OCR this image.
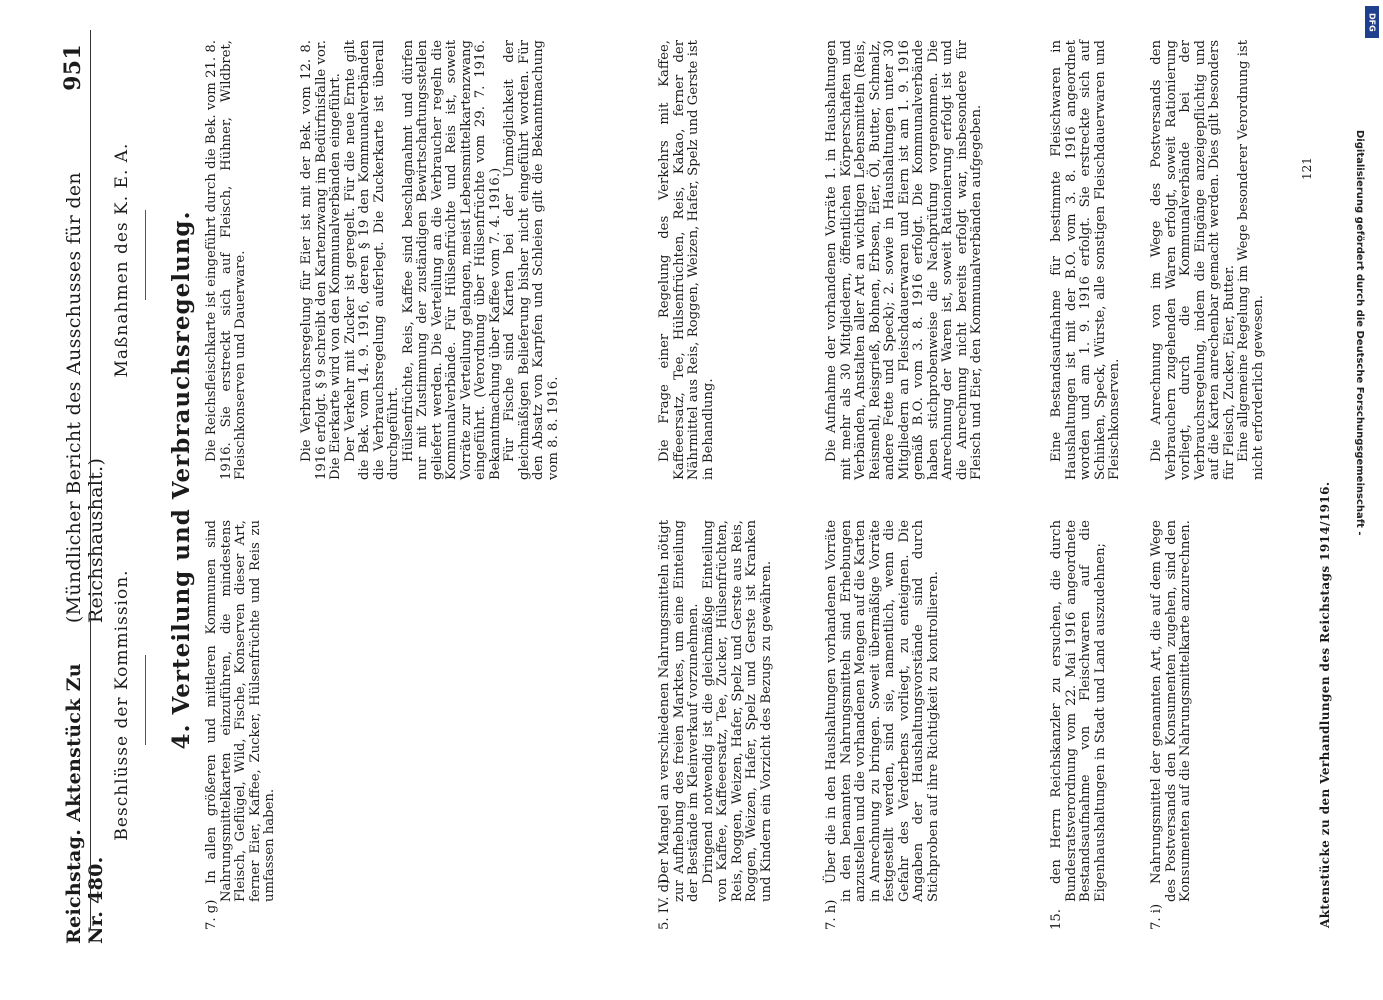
Reichstag. Aktenstück Zu Nr. 480.
(Mündlicher Bericht des Ausschusses für den Reichshaushalt.)
951
Beschlüsse der Kommission.
Maßnahmen des K. E. A. 4. Verteilung und Verbrauchsregelung.
7. g)

In allen größeren und mittleren Kommunen sind Nahrungsmittelkarten einzuführen, die mindestens Fleisch, Geflügel, Wild, Fische, Konserven dieser Art, ferner Eier, Kaffee, Zucker, Hülsenfrüchte und Reis zu umfassen haben.

5. IV. d)

Der Mangel an verschiedenen Nahrungsmitteln nötigt zur Aufhebung des freien Marktes, um eine Einteilung der Bestände im Kleinverkauf vorzunehmen. Dringend notwendig ist die gleichmäßige Einteilung von Kaffee, Kaffeeersatz, Tee, Zucker, Hülsenfrüchten, Reis, Roggen, Weizen, Hafer, Spelz und Gerste aus Reis, Roggen, Weizen, Hafer, Spelz und Gerste ist Kranken und Kindern ein Vorzicht des Bezugs zu gewähren.

7. h)

Über die in den Haushaltungen vorhandenen Vorräte in den benannten Nahrungsmitteln sind Erhebungen anzustellen und die vorhandenen Mengen auf die Karten in Anrechnung zu bringen. Soweit übermäßige Vorräte festgestellt werden, sind sie, namentlich, wenn die Gefahr des Verderbens vorliegt, zu enteignen. Die Angaben der Haushaltungsvorstände sind durch Stichproben auf ihre Richtigkeit zu kontrollieren.

15.

den Herrn Reichskanzler zu ersuchen, die durch Bundesratsverordnung vom 22. Mai 1916 angeordnete Bestandsaufnahme von Fleischwaren auf die Eigenhaushaltungen in Stadt und Land auszudehnen;

7. i)

Nahrungsmittel der genannten Art, die auf dem Wege des Postversands den Konsumenten zugehen, sind den Konsumenten auf die Nahrungsmittelkarte anzurechnen.

Die Reichsfleischkarte ist eingeführt durch die Bek. vom 21. 8. 1916. Sie erstreckt sich auf Fleisch, Hühner, Wildbret, Fleischkonserven und Dauerware.	Die Verbrauchsregelung für Eier ist mit der Bek. vom 12. 8. 1916 erfolgt. § 9 schreibt den Kartenzwang im Bedürfnisfalle vor. Die Eierkarte wird von den Kommunalverbänden eingeführt. Der Verkehr mit Zucker ist geregelt. Für die neue Ernte gilt die Bek. vom 14. 9. 1916, deren § 19 den Kommunalverbänden die Verbrauchsregelung auferlegt. Die Zuckerkarte ist überall durchgeführt. Hülsenfrüchte, Reis, Kaffee sind beschlagnahmt und dürfen nur mit Zustimmung der zuständigen Bewirtschaftungsstellen geliefert werden. Die Verteilung an die Verbraucher regeln die Kommunalverbände. Für Hülsenfrüchte und Reis ist, soweit Vorräte zur Verteilung gelangen, meist Lebensmittelkartenzwang eingeführt. (Verordnung über Hülsenfrüchte vom 29. 7. 1916. Bekanntmachung über Kaffee vom 7. 4. 1916.) Für Fische sind Karten bei der Unmöglichkeit der gleichmäßigen Belieferung bisher nicht eingeführt worden. Für den Absatz von Karpfen und Schleien gilt die Bekanntmachung vom 8. 8. 1916.	Die Frage einer Regelung des Verkehrs mit Kaffee, Kaffeeersatz, Tee, Hülsenfrüchten, Reis, Kakao, ferner der Nährmittel aus Reis, Roggen, Weizen, Hafer, Spelz und Gerste ist in Behandlung.	Die Aufnahme der vorhandenen Vorräte 1. in Haushaltungen mit mehr als 30 Mitgliedern, öffentlichen Körperschaften und Verbänden, Anstalten aller Art an wichtigen Lebensmitteln (Reis, Reismehl, Reisgrieß, Bohnen, Erbsen, Eier, Öl, Butter, Schmalz, andere Fette und Speck); 2. sowie in Haushaltungen unter 30 Mitgliedern an Fleischdauerwaren und Eiern ist am 1. 9. 1916 gemäß B.O. vom 3. 8. 1916 erfolgt. Die Kommunalverbände haben stichprobenweise die Nachprüfung vorgenommen. Die Anrechnung der Waren ist, soweit Rationierung erfolgt ist und die Anrechnung nicht bereits erfolgt war, insbesondere für Fleisch und Eier, den Kommunalverbänden aufgegeben.	Eine Bestandsaufnahme für bestimmte Fleischwaren in Haushaltungen ist mit der B.O. vom 3. 8. 1916 angeordnet worden und am 1. 9. 1916 erfolgt. Sie erstreckte sich auf Schinken, Speck, Würste, alle sonstigen Fleischdauerwaren und Fleischkonserven. Die Anrechnung von im Wege des Postversands den Verbrauchern zugehenden Waren erfolgt, soweit Rationierung vorliegt, durch die Kommunalverbände bei der Verbrauchsregelung, indem die Eingänge anzeigepflichtig und auf die Karten anrechenbar gemacht werden. Dies gilt besonders für Fleisch, Zucker, Eier, Butter. Eine allgemeine Regelung im Wege besonderer Verordnung ist nicht erforderlich gewesen.

121
Aktenstücke zu den Verhandlungen des Reichstags 1914/1916.
DFG
Digitalisierung gefördert durch die Deutsche Forschungsgemeinschaft -
